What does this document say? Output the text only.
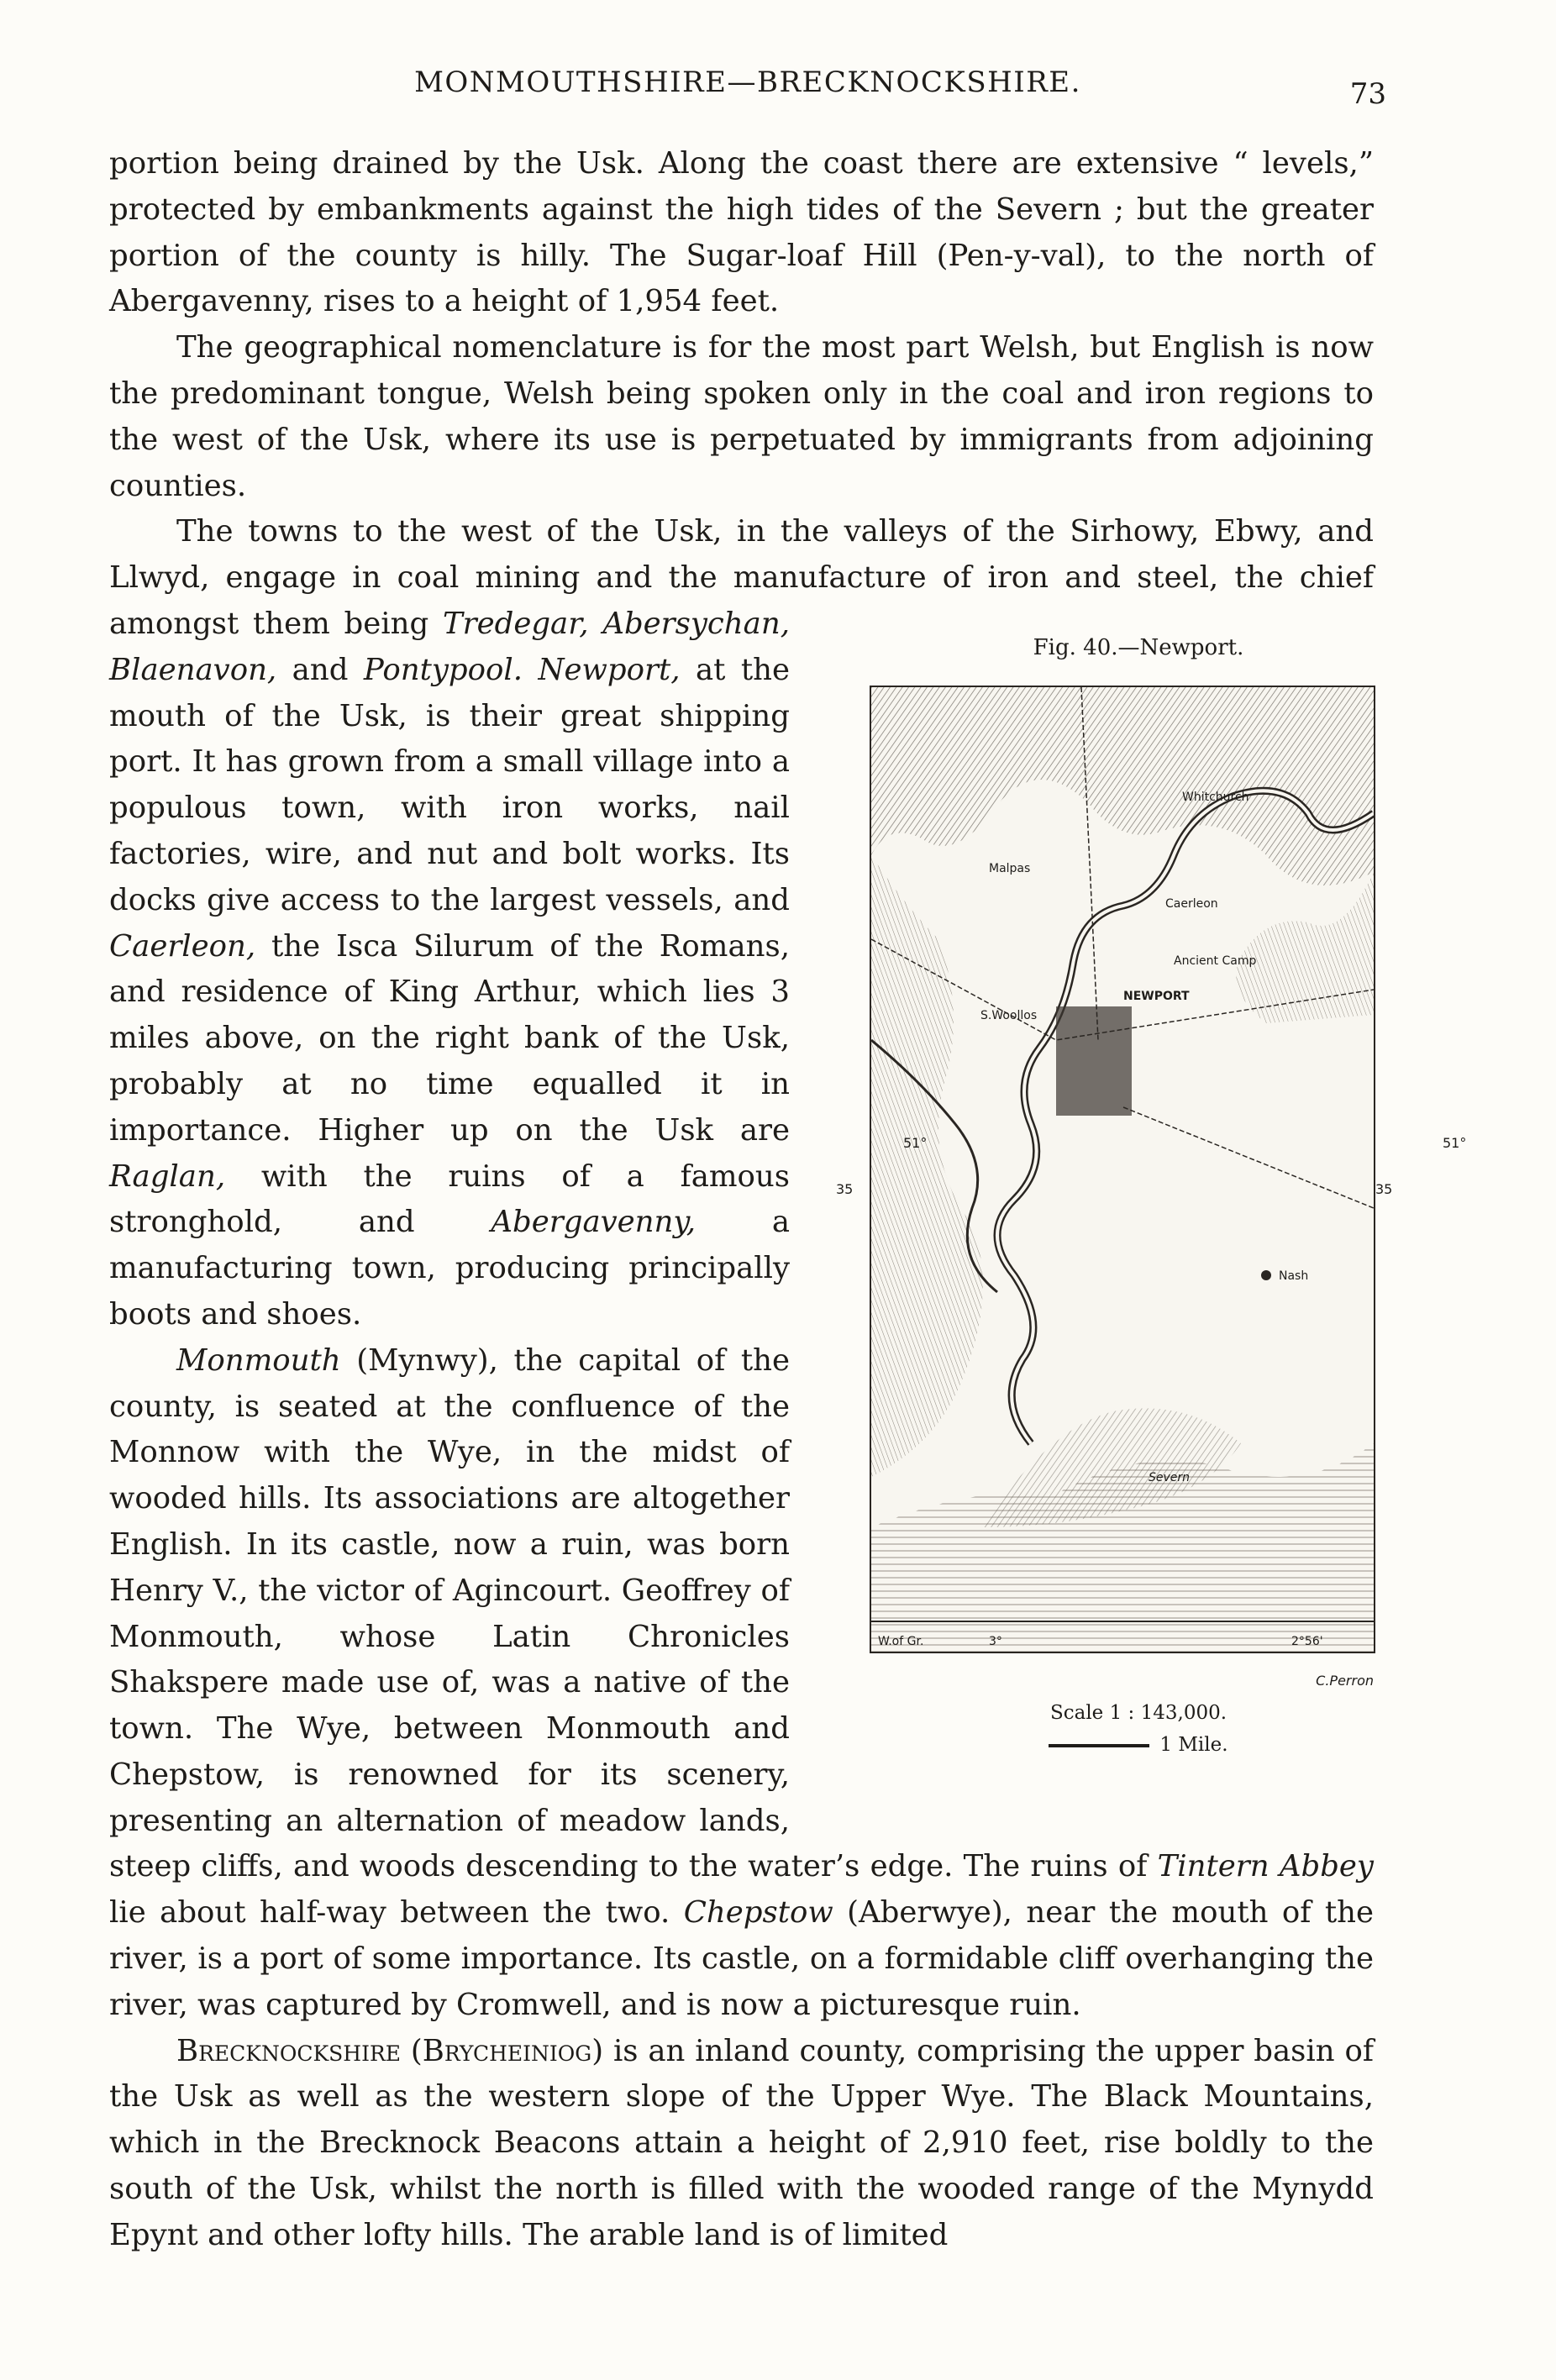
MONMOUTHSHIRE—BRECKNOCKSHIRE.	73

portion being drained by the Usk. Along the coast there are extensive “ levels,” protected by embankments against the high tides of the Severn ; but the greater portion of the county is hilly. The Sugar-loaf Hill (Pen-y-val), to the north of Abergavenny, rises to a height of 1,954 feet.

The geographical nomenclature is for the most part Welsh, but English is now the predominant tongue, Welsh being spoken only in the coal and iron regions to the west of the Usk, where its use is perpetuated by immigrants from adjoining counties.

The towns to the west of the Usk, in the valleys of the Sirhowy, Ebwy, and Llwyd, engage in coal mining and the manufacture of iron and steel, the chief amongst them being Tredegar, Abersychan,
Fig. 40.—Newport.
Caerleon
Malpas
Whitchurch
Ancient Camp
NEWPORT
S.Woollos
Nash
Severn
W.of Gr.	3°	2°56'
51° 35
51° 35
C.Perron
Scale 1 : 143,000.
1 Mile.
Blaenavon, and Pontypool. Newport, at the mouth of the Usk, is their great shipping port. It has grown from a small village into a populous town, with iron works, nail factories, wire, and nut and bolt works. Its docks give access to the largest vessels, and Caerleon, the Isca Silurum of the Romans, and residence of King Arthur, which lies 3 miles above, on the right bank of the Usk, probably at no time equalled it in importance. Higher up on the Usk are Raglan, with the ruins of a famous stronghold, and Abergavenny, a manufacturing town, producing principally boots and shoes.

Monmouth (Mynwy), the capital of the county, is seated at the confluence of the Monnow with the Wye, in the midst of wooded hills. Its associations are altogether English. In its castle, now a ruin, was born Henry V., the victor of Agincourt. Geoffrey of Monmouth, whose Latin Chronicles Shakspere made use of, was a native of the town. The Wye, between Monmouth and Chepstow, is renowned for its scenery, presenting an alternation of meadow lands, steep cliffs, and woods descending to the water’s edge. The ruins of Tintern Abbey lie about half-way between the two. Chepstow (Aberwye), near the mouth of the river, is a port of some importance. Its castle, on a formidable cliff overhanging the river, was captured by Cromwell, and is now a picturesque ruin.

Brecknockshire (Brycheiniog) is an inland county, comprising the upper basin of the Usk as well as the western slope of the Upper Wye. The Black Mountains, which in the Brecknock Beacons attain a height of 2,910 feet, rise boldly to the south of the Usk, whilst the north is filled with the wooded range of the Mynydd Epynt and other lofty hills. The arable land is of limited
